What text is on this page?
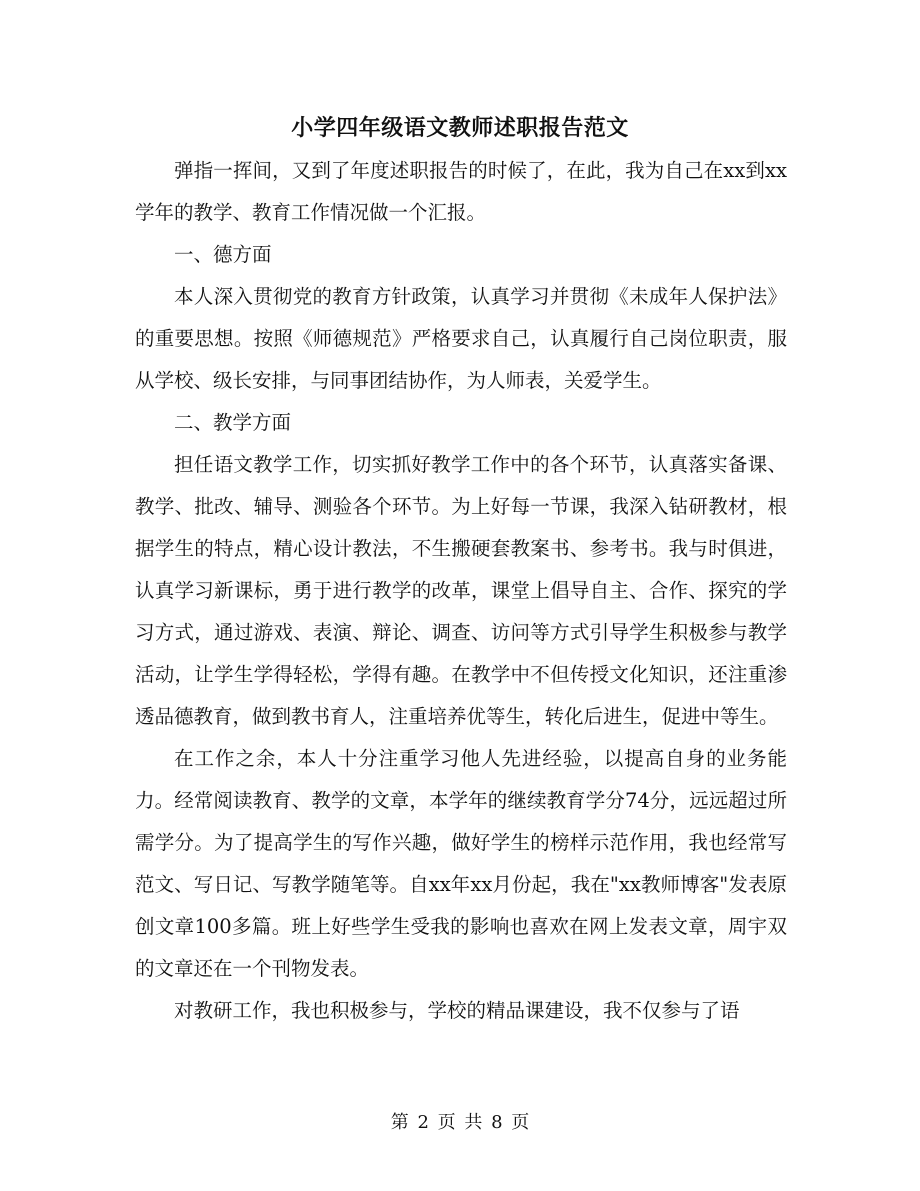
小学四年级语文教师述职报告范文

弹指一挥间，又到了年度述职报告的时候了，在此，我为自己在xx到xx学年的教学、教育工作情况做一个汇报。

一、德方面

本人深入贯彻党的教育方针政策，认真学习并贯彻《未成年人保护法》的重要思想。按照《师德规范》严格要求自己，认真履行自己岗位职责，服从学校、级长安排，与同事团结协作，为人师表，关爱学生。

二、教学方面

担任语文教学工作，切实抓好教学工作中的各个环节，认真落实备课、教学、批改、辅导、测验各个环节。为上好每一节课，我深入钻研教材，根据学生的特点，精心设计教法，不生搬硬套教案书、参考书。我与时俱进，认真学习新课标，勇于进行教学的改革，课堂上倡导自主、合作、探究的学习方式，通过游戏、表演、辩论、调查、访问等方式引导学生积极参与教学活动，让学生学得轻松，学得有趣。在教学中不但传授文化知识，还注重渗透品德教育，做到教书育人，注重培养优等生，转化后进生，促进中等生。

在工作之余，本人十分注重学习他人先进经验，以提高自身的业务能力。经常阅读教育、教学的文章，本学年的继续教育学分74分，远远超过所需学分。为了提高学生的写作兴趣，做好学生的榜样示范作用，我也经常写范文、写日记、写教学随笔等。自xx年xx月份起，我在"xx教师博客"发表原创文章100多篇。班上好些学生受我的影响也喜欢在网上发表文章，周宇双的文章还在一个刊物发表。

对教研工作，我也积极参与，学校的精品课建设，我不仅参与了语

第 2 页 共 8 页
